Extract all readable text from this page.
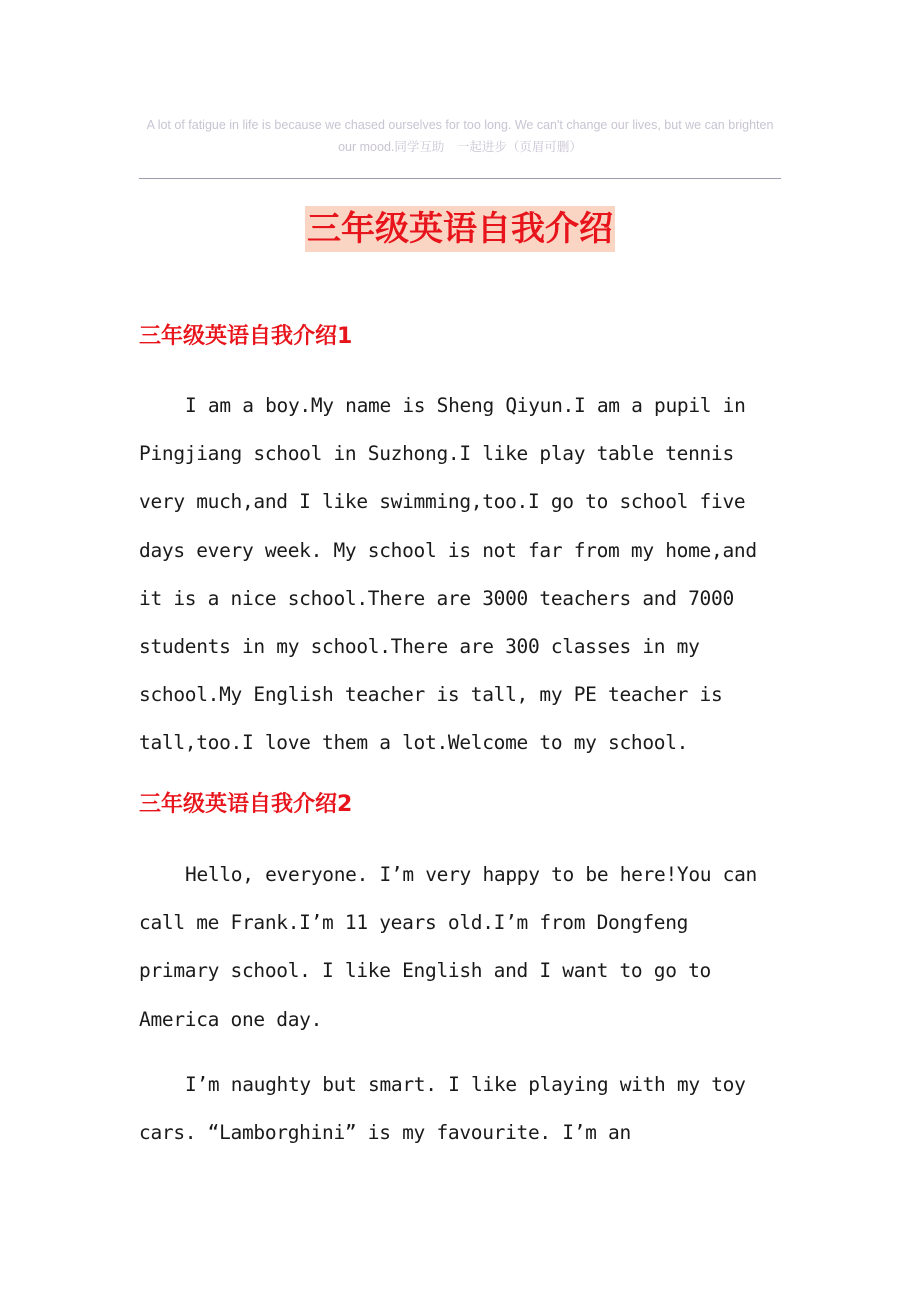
A lot of fatigue in life is because we chased ourselves for too long. We can't change our lives, but we can brighten
our mood.同学互助　一起进步（页眉可删）
三年级英语自我介绍
三年级英语自我介绍1
I am a boy.My name is Sheng Qiyun.I am a pupil in
Pingjiang school in Suzhong.I like play table tennis
very much,and I like swimming,too.I go to school five
days every week. My school is not far from my home,and
it is a nice school.There are 3000 teachers and 7000
students in my school.There are 300 classes in my
school.My English teacher is tall, my PE teacher is
tall,too.I love them a lot.Welcome to my school.
三年级英语自我介绍2
Hello, everyone. I’m very happy to be here!You can
call me Frank.I’m 11 years old.I’m from Dongfeng
primary school. I like English and I want to go to
America one day.
I’m naughty but smart. I like playing with my toy
cars. “Lamborghini” is my favourite. I’m an
